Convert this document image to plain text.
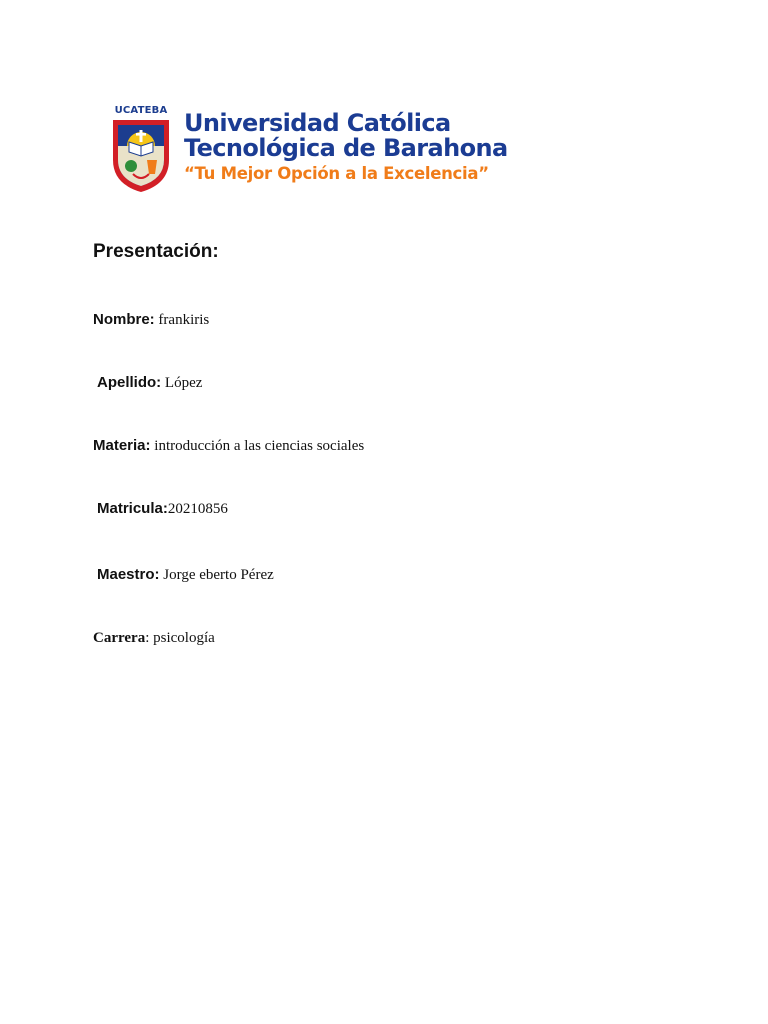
UCATEBA Universidad Católica

Tecnológica de Barahona

“Tu Mejor Opción a la Excelencia”

Presentación:
Nombre: frankiris
Apellido: López
Materia: introducción a las ciencias sociales
Matricula:20210856
Maestro: Jorge eberto Pérez
Carrera: psicología
